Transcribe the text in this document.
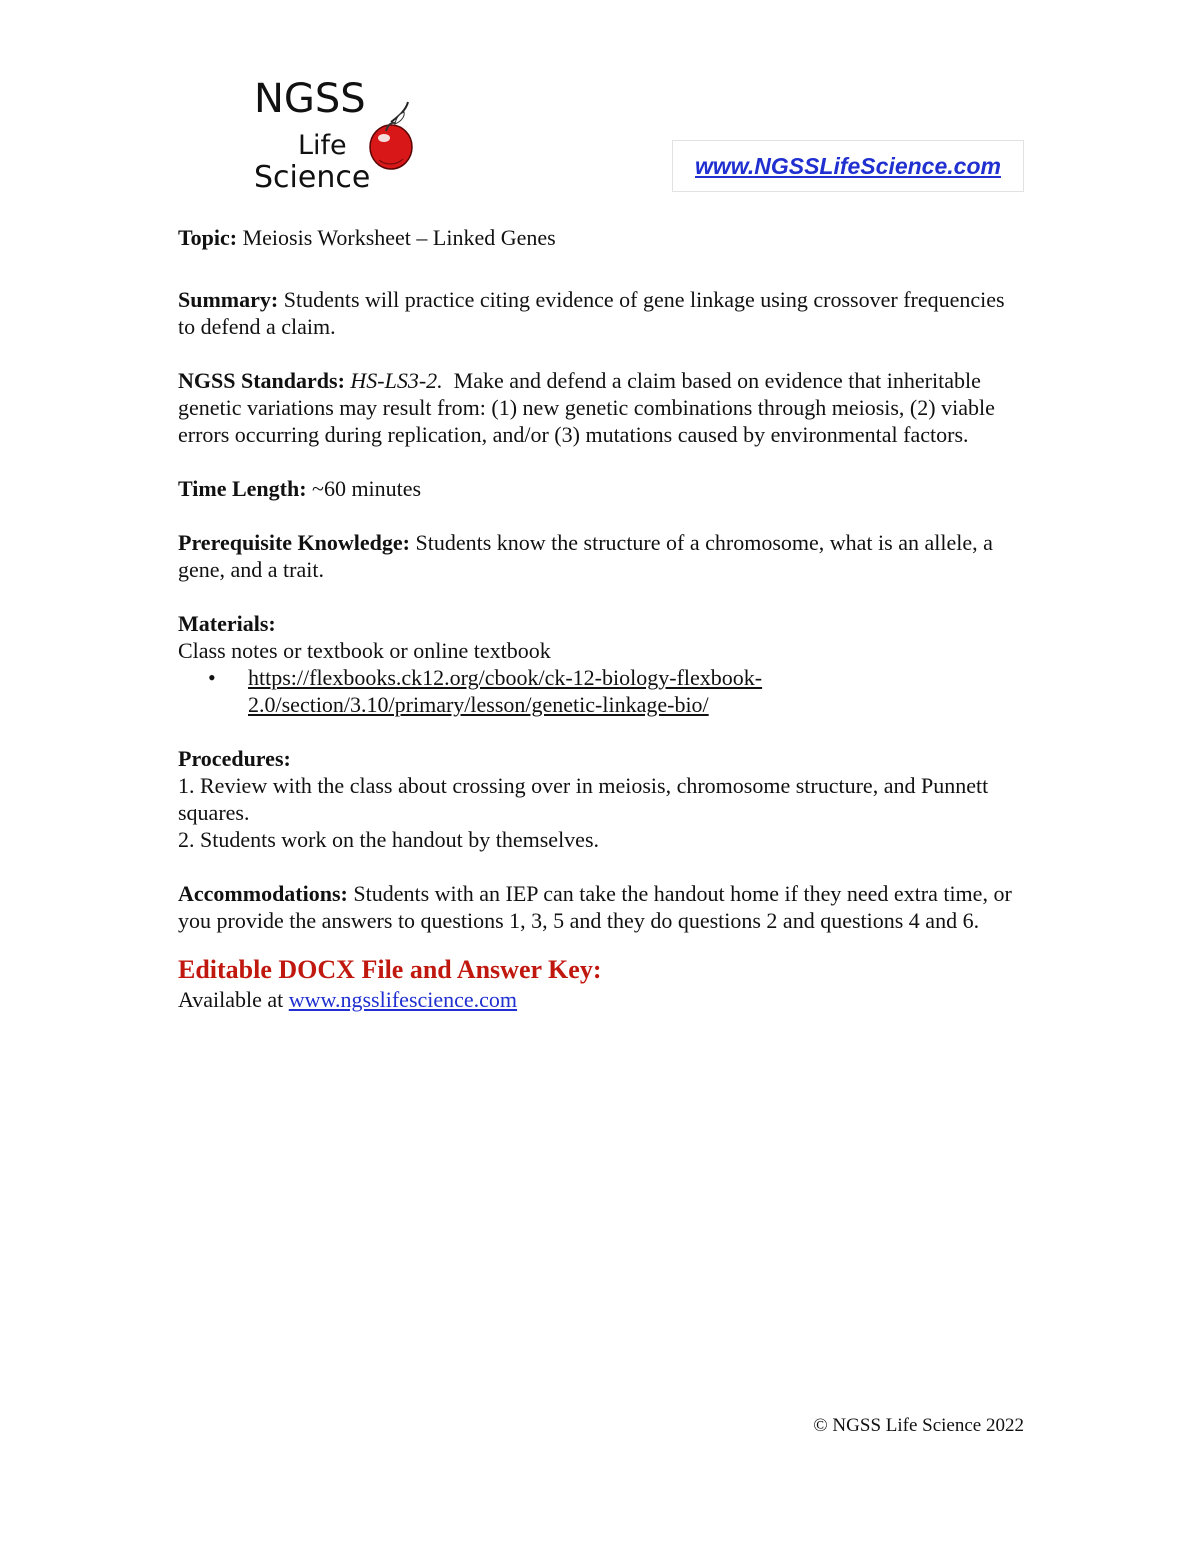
NGSS
Life
Science	www.NGSSLifeScience.com

Topic: Meiosis Worksheet – Linked Genes

Summary: Students will practice citing evidence of gene linkage using crossover frequencies to defend a claim.

NGSS Standards: HS-LS3-2. Make and defend a claim based on evidence that inheritable genetic variations may result from: (1) new genetic combinations through meiosis, (2) viable errors occurring during replication, and/or (3) mutations caused by environmental factors.

Time Length: ~60 minutes

Prerequisite Knowledge: Students know the structure of a chromosome, what is an allele, a gene, and a trait.

Materials:

Class notes or textbook or online textbook

•	https://flexbooks.ck12.org/cbook/ck-12-biology-flexbook-
2.0/section/3.10/primary/lesson/genetic-linkage-bio/

Procedures:

1. Review with the class about crossing over in meiosis, chromosome structure, and Punnett squares.

2. Students work on the handout by themselves.

Accommodations: Students with an IEP can take the handout home if they need extra time, or you provide the answers to questions 1, 3, 5 and they do questions 2 and questions 4 and 6.

Editable DOCX File and Answer Key:

Available at www.ngsslifescience.com

© NGSS Life Science 2022
